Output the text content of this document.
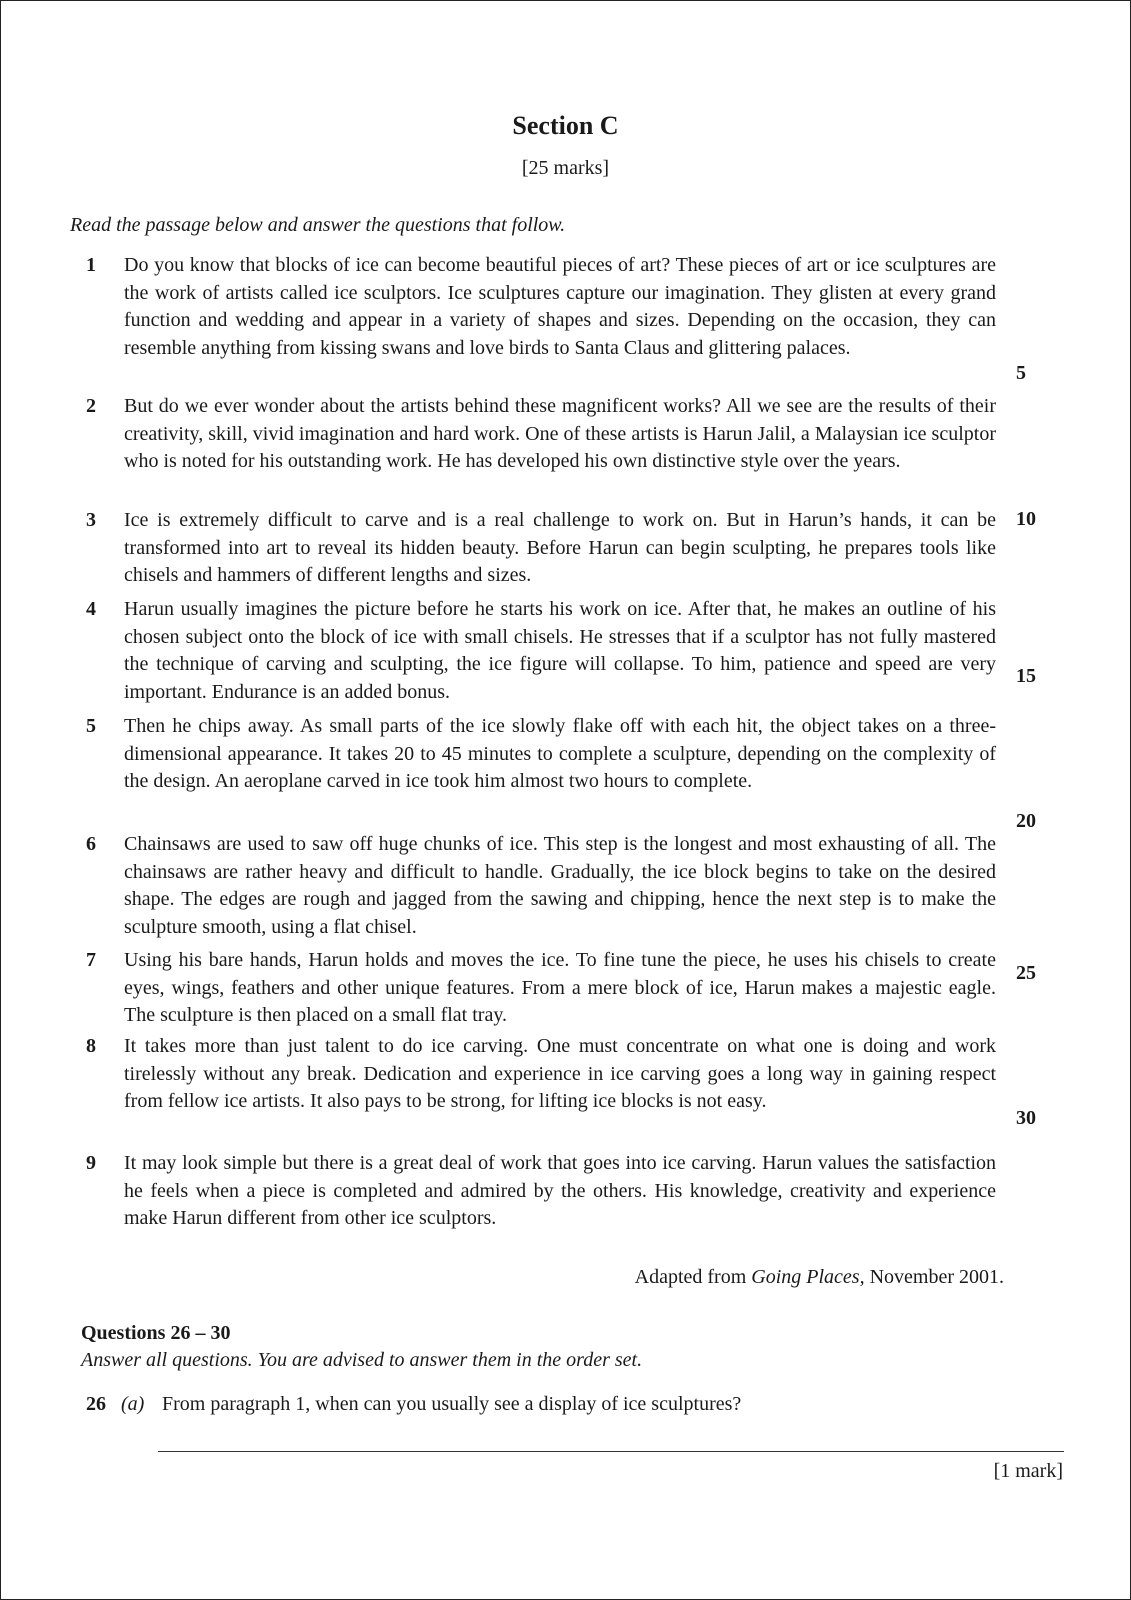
Section C
[25 marks]
Read the passage below and answer the questions that follow.
1	Do you know that blocks of ice can become beautiful pieces of art? These pieces of art or ice sculptures are the work of artists called ice sculptors. Ice sculptures capture our imagination. They glisten at every grand function and wedding and appear in a variety of shapes and sizes. Depending on the occasion, they can resemble anything from kissing swans and love birds to Santa Claus and glittering palaces.
2	But do we ever wonder about the artists behind these magnificent works? All we see are the results of their creativity, skill, vivid imagination and hard work. One of these artists is Harun Jalil, a Malaysian ice sculptor who is noted for his outstanding work. He has developed his own distinctive style over the years.
3	Ice is extremely difficult to carve and is a real challenge to work on. But in Harun’s hands, it can be transformed into art to reveal its hidden beauty. Before Harun can begin sculpting, he prepares tools like chisels and hammers of different lengths and sizes.
4	Harun usually imagines the picture before he starts his work on ice. After that, he makes an outline of his chosen subject onto the block of ice with small chisels. He stresses that if a sculptor has not fully mastered the technique of carving and sculpting, the ice figure will collapse. To him, patience and speed are very important. Endurance is an added bonus.
5	Then he chips away. As small parts of the ice slowly flake off with each hit, the object takes on a three-dimensional appearance. It takes 20 to 45 minutes to complete a sculpture, depending on the complexity of the design. An aeroplane carved in ice took him almost two hours to complete.
6	Chainsaws are used to saw off huge chunks of ice. This step is the longest and most exhausting of all. The chainsaws are rather heavy and difficult to handle. Gradually, the ice block begins to take on the desired shape. The edges are rough and jagged from the sawing and chipping, hence the next step is to make the sculpture smooth, using a flat chisel.
7	Using his bare hands, Harun holds and moves the ice. To fine tune the piece, he uses his chisels to create eyes, wings, feathers and other unique features. From a mere block of ice, Harun makes a majestic eagle. The sculpture is then placed on a small flat tray.
8	It takes more than just talent to do ice carving. One must concentrate on what one is doing and work tirelessly without any break. Dedication and experience in ice carving goes a long way in gaining respect from fellow ice artists. It also pays to be strong, for lifting ice blocks is not easy.
9	It may look simple but there is a great deal of work that goes into ice carving. Harun values the satisfaction he feels when a piece is completed and admired by the others. His knowledge, creativity and experience make Harun different from other ice sculptors.
5
10
15
20
25
30
Adapted from Going Places, November 2001.
Questions 26 – 30
Answer all questions. You are advised to answer them in the order set.
26 (a) From paragraph 1, when can you usually see a display of ice sculptures?
[1 mark]
